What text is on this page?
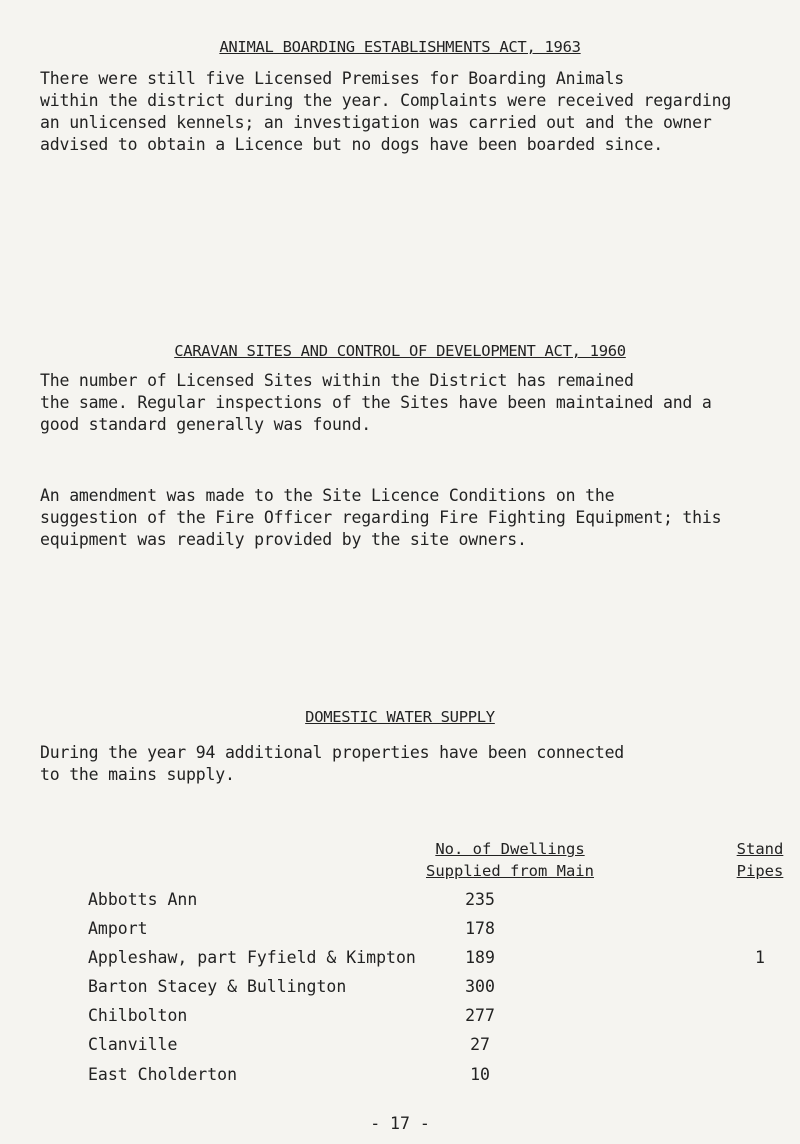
ANIMAL BOARDING ESTABLISHMENTS ACT, 1963
There were still five Licensed Premises for Boarding Animals
within the district during the year. Complaints were received regarding
an unlicensed kennels; an investigation was carried out and the owner
advised to obtain a Licence but no dogs have been boarded since.
CARAVAN SITES AND CONTROL OF DEVELOPMENT ACT, 1960
The number of Licensed Sites within the District has remained
the same. Regular inspections of the Sites have been maintained and a
good standard generally was found.
An amendment was made to the Site Licence Conditions on the
suggestion of the Fire Officer regarding Fire Fighting Equipment; this
equipment was readily provided by the site owners.
DOMESTIC WATER SUPPLY
During the year 94 additional properties have been connected
to the mains supply.
No. of Dwellings
Supplied from Main
Stand
Pipes
Abbotts Ann	235
Amport	178
Appleshaw, part Fyfield & Kimpton	189	1
Barton Stacey & Bullington	300
Chilbolton	277
Clanville	27
East Cholderton	10
- 17 -
